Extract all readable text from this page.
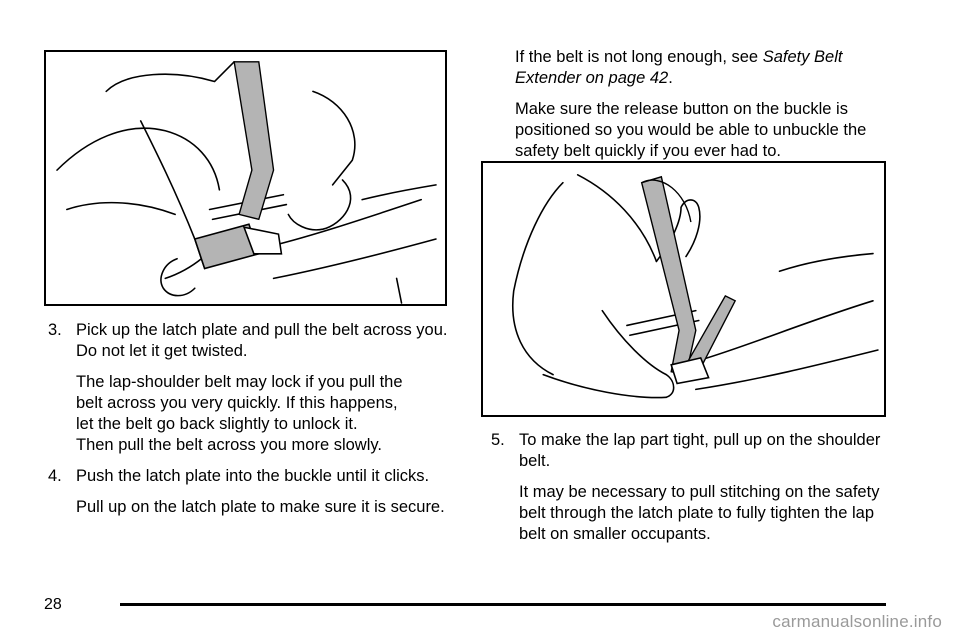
3. Pick up the latch plate and pull the belt across you. Do not let it get twisted.
The lap-shoulder belt may lock if you pull the
belt across you very quickly. If this happens,
let the belt go back slightly to unlock it.
Then pull the belt across you more slowly.
4. Push the latch plate into the buckle until it clicks.
Pull up on the latch plate to make sure it is secure.
If the belt is not long enough, see Safety Belt Extender on page 42.
Make sure the release button on the buckle is positioned so you would be able to unbuckle the safety belt quickly if you ever had to.
5. To make the lap part tight, pull up on the shoulder belt.
It may be necessary to pull stitching on the safety belt through the latch plate to fully tighten the lap belt on smaller occupants.
28
carmanualsonline.info
